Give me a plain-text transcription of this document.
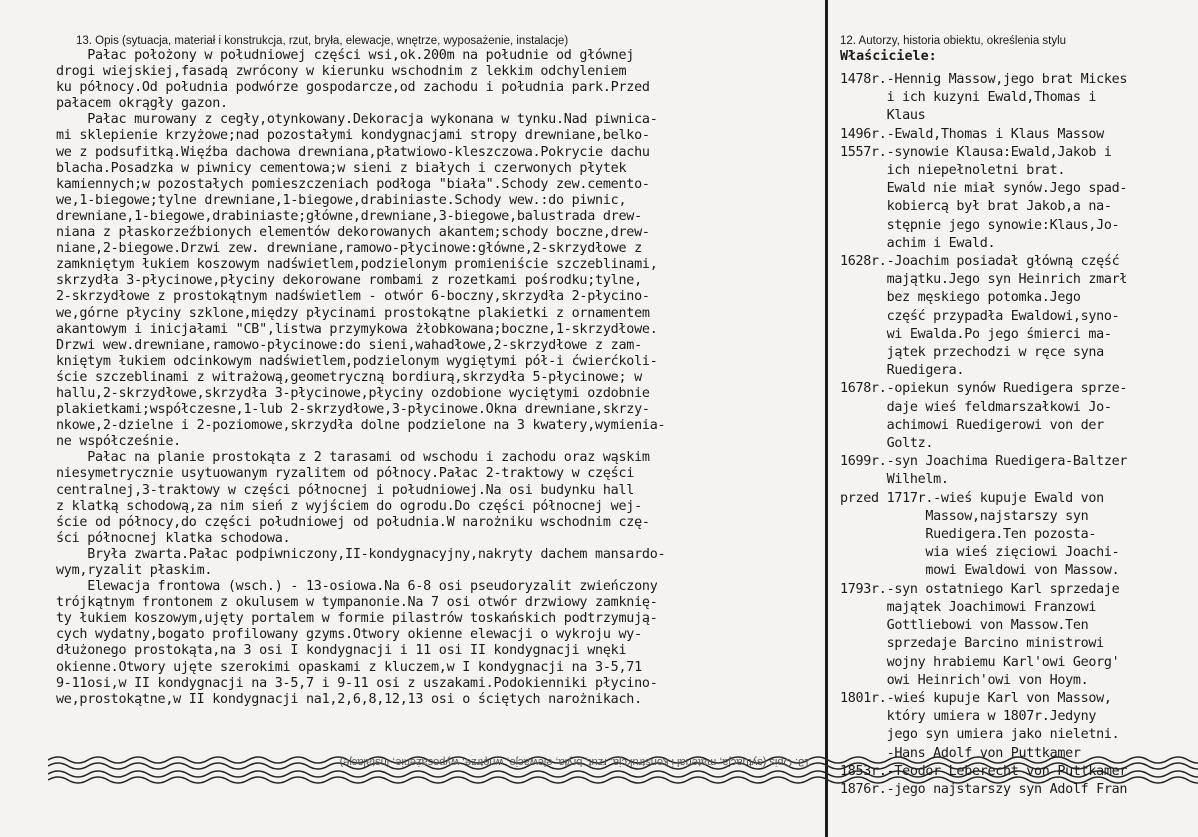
13. Opis (sytuacja, materiał i konstrukcja, rzut, bryła, elewacje, wnętrze, wyposażenie, instalacje)
Pałac położony w południowej części wsi,ok.200m na południe od głównej
drogi wiejskiej,fasadą zwrócony w kierunku wschodnim z lekkim odchyleniem
ku północy.Od południa podwórze gospodarcze,od zachodu i południa park.Przed
pałacem okrągły gazon.
Pałac murowany z cegły,otynkowany.Dekoracja wykonana w tynku.Nad piwnica-
mi sklepienie krzyżowe;nad pozostałymi kondygnacjami stropy drewniane,belko-
we z podsufitką.Więźba dachowa drewniana,płatwiowo-kleszczowa.Pokrycie dachu
blacha.Posadzka w piwnicy cementowa;w sieni z białych i czerwonych płytek
kamiennych;w pozostałych pomieszczeniach podłoga "biała".Schody zew.cemento-
we,1-biegowe;tylne drewniane,1-biegowe,drabiniaste.Schody wew.:do piwnic,
drewniane,1-biegowe,drabiniaste;główne,drewniane,3-biegowe,balustrada drew-
niana z płaskorzeźbionych elementów dekorowanych akantem;schody boczne,drew-
niane,2-biegowe.Drzwi zew. drewniane,ramowo-płycinowe:główne,2-skrzydłowe z
zamkniętym łukiem koszowym nadświetlem,podzielonym promieniście szczeblinami,
skrzydła 3-płycinowe,płyciny dekorowane rombami z rozetkami pośrodku;tylne,
2-skrzydłowe z prostokątnym nadświetlem - otwór 6-boczny,skrzydła 2-płycino-
we,górne płyciny szklone,między płycinami prostokątne plakietki z ornamentem
akantowym i inicjałami "CB",listwa przymykowa żłobkowana;boczne,1-skrzydłowe.
Drzwi wew.drewniane,ramowo-płycinowe:do sieni,wahadłowe,2-skrzydłowe z zam-
kniętym łukiem odcinkowym nadświetlem,podzielonym wygiętymi pół-i ćwierćkoli-
ście szczeblinami z witrażową,geometryczną bordiurą,skrzydła 5-płycinowe; w
hallu,2-skrzydłowe,skrzydła 3-płycinowe,płyciny ozdobione wyciętymi ozdobnie
plakietkami;współczesne,1-lub 2-skrzydłowe,3-płycinowe.Okna drewniane,skrzy-
nkowe,2-dzielne i 2-poziomowe,skrzydła dolne podzielone na 3 kwatery,wymienia-
ne współcześnie.
Pałac na planie prostokąta z 2 tarasami od wschodu i zachodu oraz wąskim
niesymetrycznie usytuowanym ryzalitem od północy.Pałac 2-traktowy w części
centralnej,3-traktowy w części północnej i południowej.Na osi budynku hall
z klatką schodową,za nim sień z wyjściem do ogrodu.Do części północnej wej-
ście od północy,do części południowej od południa.W narożniku wschodnim czę-
ści północnej klatka schodowa.
Bryła zwarta.Pałac podpiwniczony,II-kondygnacyjny,nakryty dachem mansardo-
wym,ryzalit płaskim.
Elewacja frontowa (wsch.) - 13-osiowa.Na 6-8 osi pseudoryzalit zwieńczony
trójkątnym frontonem z okulusem w tympanonie.Na 7 osi otwór drzwiowy zamknię-
ty łukiem koszowym,ujęty portalem w formie pilastrów toskańskich podtrzymują-
cych wydatny,bogato profilowany gzyms.Otwory okienne elewacji o wykroju wy-
dłużonego prostokąta,na 3 osi I kondygnacji i 11 osi II kondygnacji wnęki
okienne.Otwory ujęte szerokimi opaskami z kluczem,w I kondygnacji na 3-5,71
9-11osi,w II kondygnacji na 3-5,7 i 9-11 osi z uszakami.Podokienniki płycino-
we,prostokątne,w II kondygnacji na1,2,6,8,12,13 osi o ściętych narożnikach.
12. Autorzy, historia obiektu, określenia stylu
Właściciele:
1478r.-Hennig Massow,jego brat Mickes
i ich kuzyni Ewald,Thomas i
Klaus
1496r.-Ewald,Thomas i Klaus Massow
1557r.-synowie Klausa:Ewald,Jakob i
ich niepełnoletni brat.
Ewald nie miał synów.Jego spad-
kobiercą był brat Jakob,a na-
stępnie jego synowie:Klaus,Jo-
achim i Ewald.
1628r.-Joachim posiadał główną część
majątku.Jego syn Heinrich zmarł
bez męskiego potomka.Jego
część przypadła Ewaldowi,syno-
wi Ewalda.Po jego śmierci ma-
jątek przechodzi w ręce syna
Ruedigera.
1678r.-opiekun synów Ruedigera sprze-
daje wieś feldmarszałkowi Jo-
achimowi Ruedigerowi von der
Goltz.
1699r.-syn Joachima Ruedigera-Baltzer
Wilhelm.
przed 1717r.-wieś kupuje Ewald von
Massow,najstarszy syn
Ruedigera.Ten pozosta-
wia wieś zięciowi Joachi-
mowi Ewaldowi von Massow.
1793r.-syn ostatniego Karl sprzedaje
majątek Joachimowi Franzowi
Gottliebowi von Massow.Ten
sprzedaje Barcino ministrowi
wojny hrabiemu Karl'owi Georg'
owi Heinrich'owi von Hoym.
1801r.-wieś kupuje Karl von Massow,
który umiera w 1807r.Jedyny
jego syn umiera jako nieletni.
-Hans Adolf von Puttkamer
1853r.-Teodor Leberecht von Puttkamer
1876r.-jego najstarszy syn Adolf Fran
13. Opis (sytuacja, materiał i konstrukcja, rzut, bryła, elewacje, wnętrze, wyposażenie, instalacje)
